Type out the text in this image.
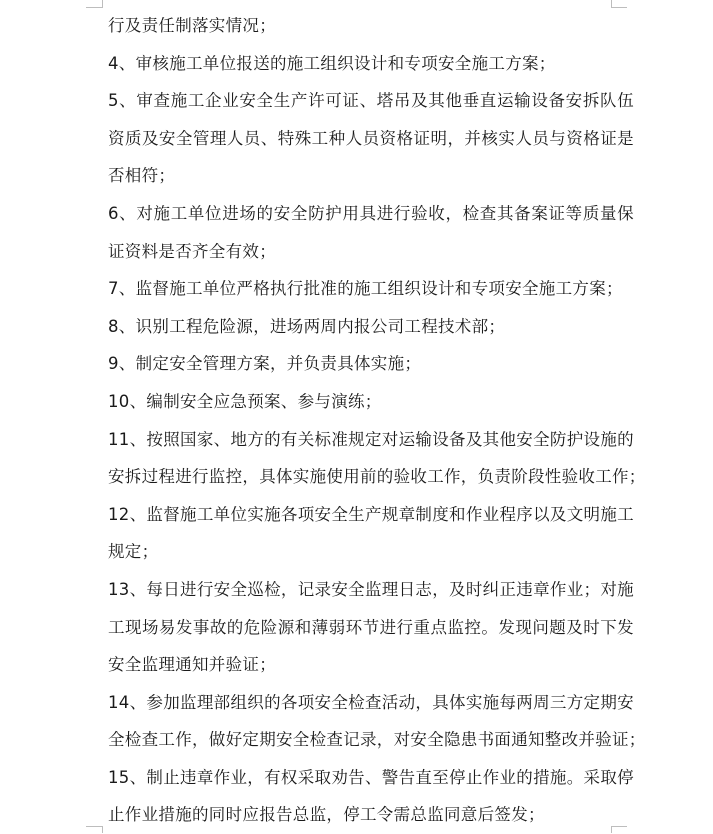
行及责任制落实情况；
4、审核施工单位报送的施工组织设计和专项安全施工方案；
5、审查施工企业安全生产许可证、塔吊及其他垂直运输设备安拆队伍
资质及安全管理人员、特殊工种人员资格证明，并核实人员与资格证是
否相符；
6、对施工单位进场的安全防护用具进行验收，检查其备案证等质量保
证资料是否齐全有效；
7、监督施工单位严格执行批准的施工组织设计和专项安全施工方案；
8、识别工程危险源，进场两周内报公司工程技术部；
9、制定安全管理方案，并负责具体实施；
10、编制安全应急预案、参与演练；
11、按照国家、地方的有关标准规定对运输设备及其他安全防护设施的
安拆过程进行监控，具体实施使用前的验收工作，负责阶段性验收工作；
12、监督施工单位实施各项安全生产规章制度和作业程序以及文明施工
规定；
13、每日进行安全巡检，记录安全监理日志，及时纠正违章作业；对施
工现场易发事故的危险源和薄弱环节进行重点监控。发现问题及时下发
安全监理通知并验证；
14、参加监理部组织的各项安全检查活动，具体实施每两周三方定期安
全检查工作，做好定期安全检查记录，对安全隐患书面通知整改并验证；
15、制止违章作业，有权采取劝告、警告直至停止作业的措施。采取停
止作业措施的同时应报告总监，停工令需总监同意后签发；
